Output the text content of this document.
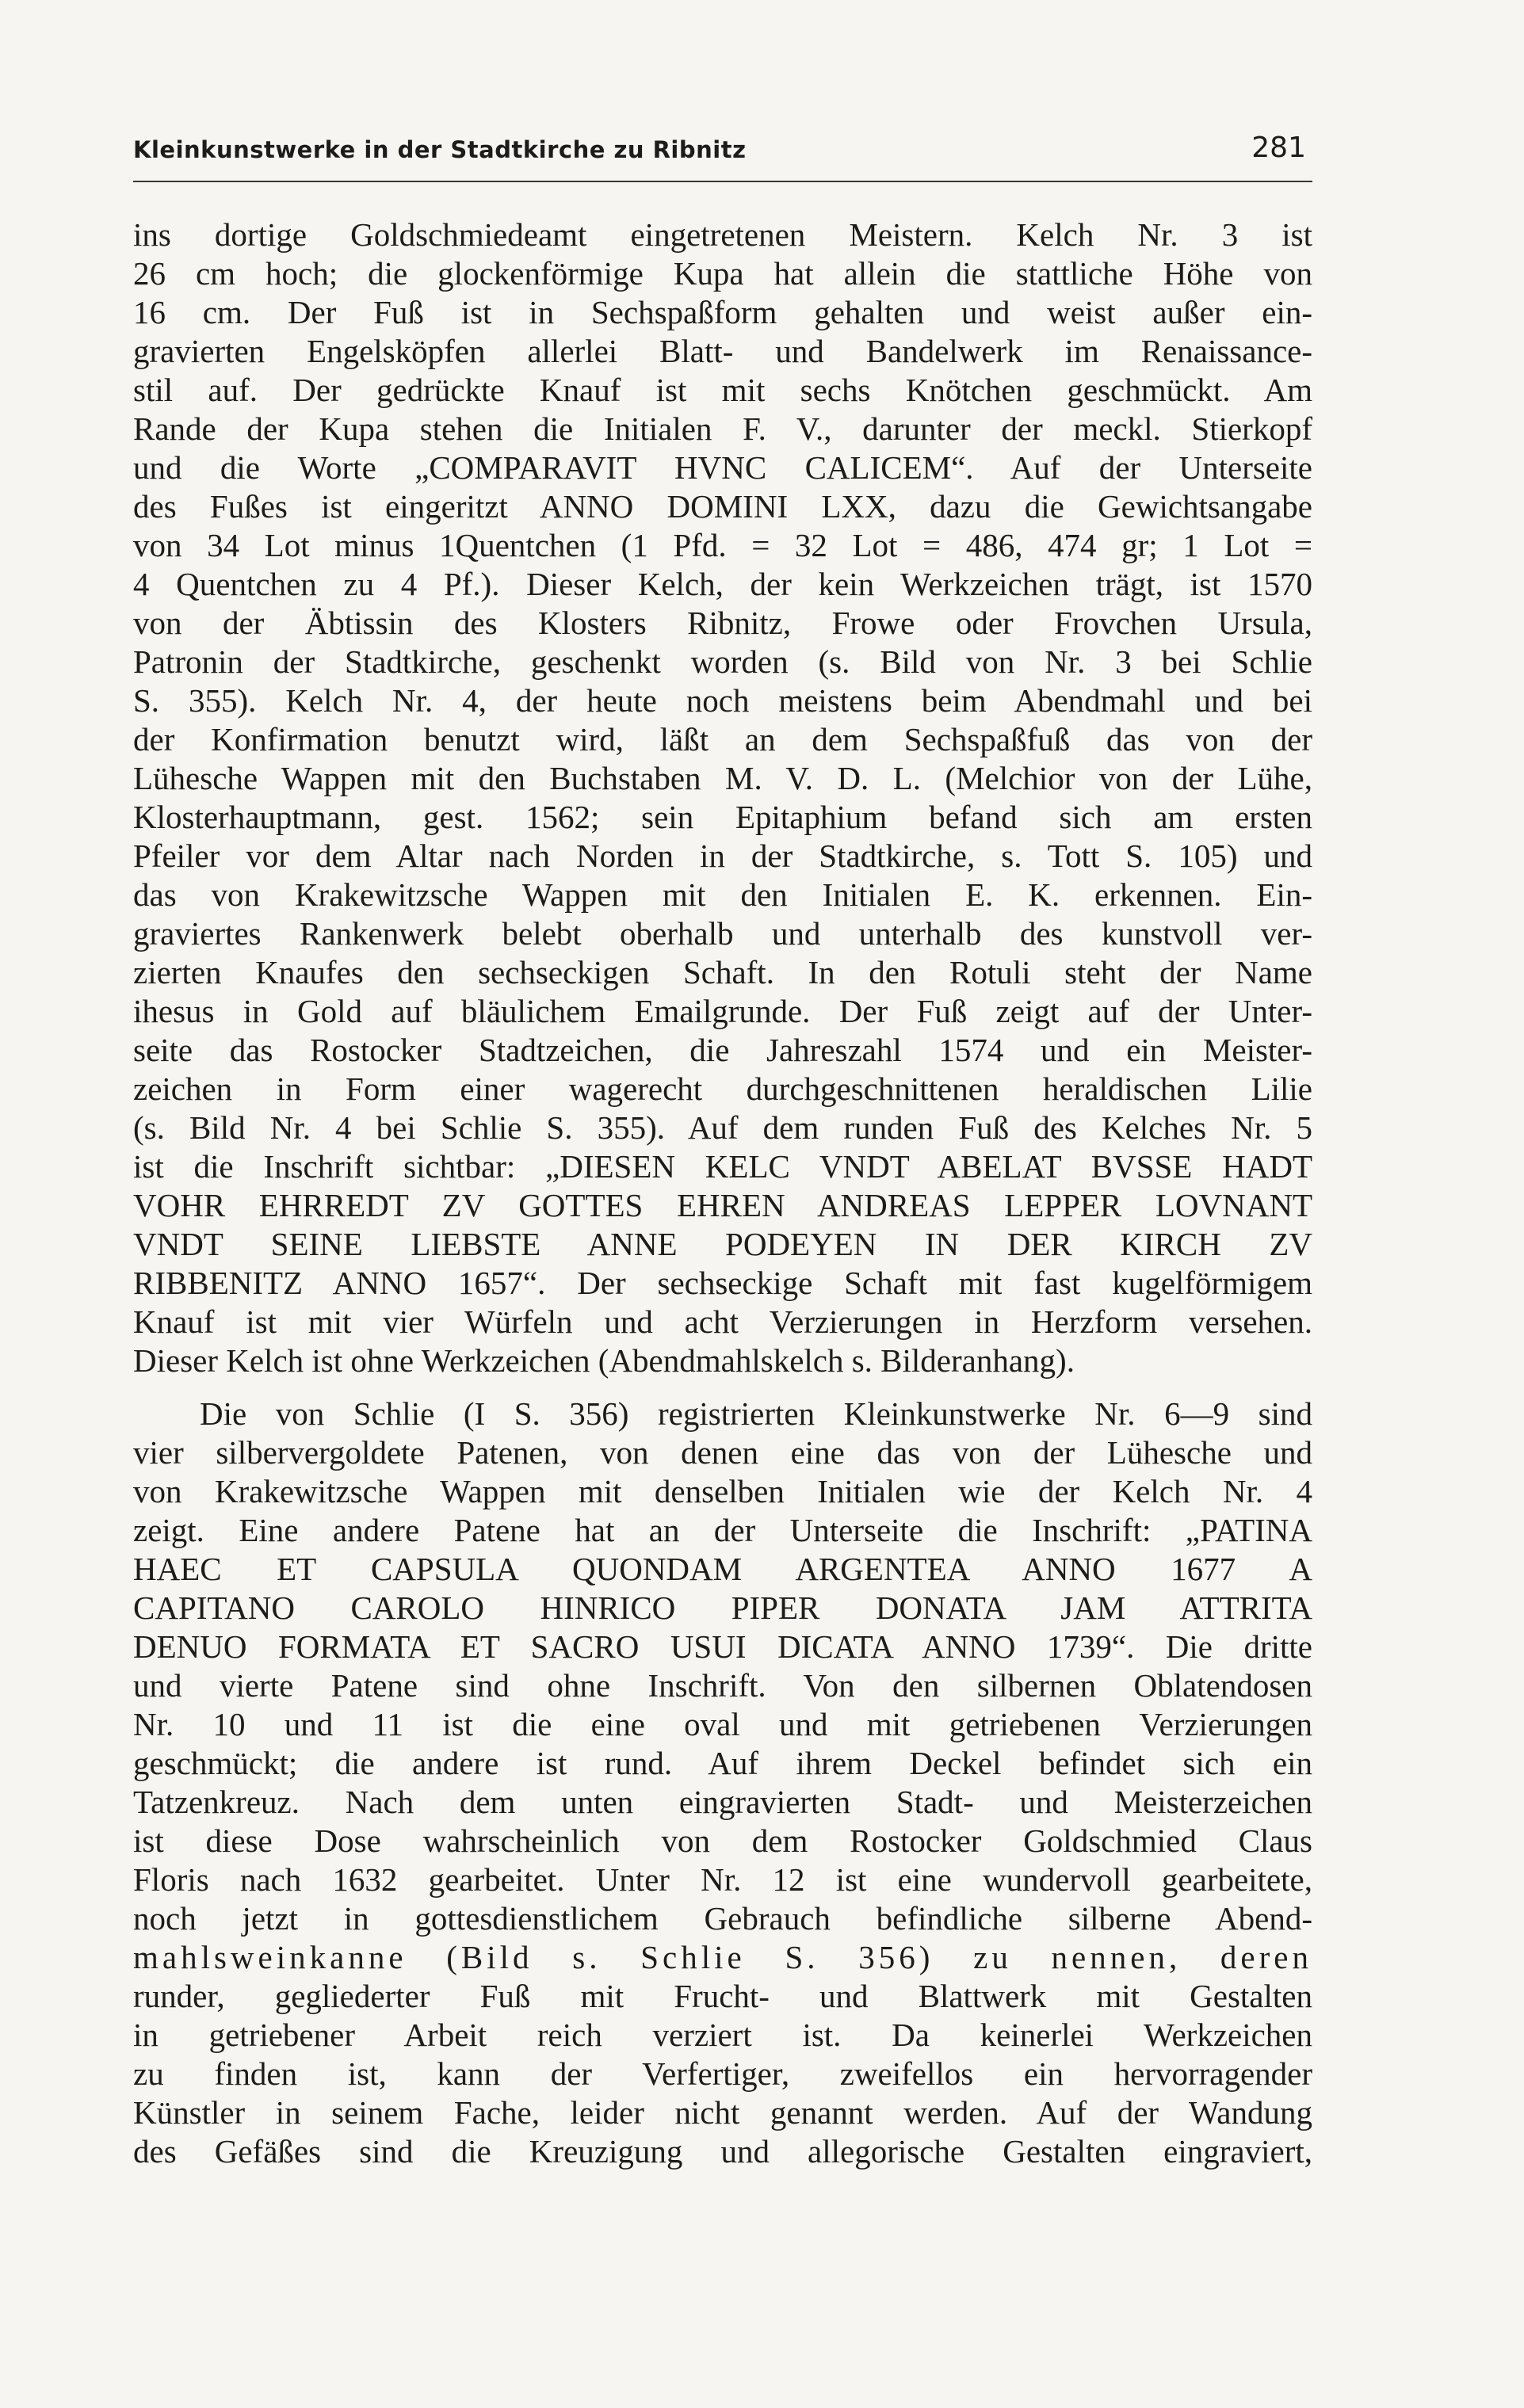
Kleinkunstwerke in der Stadtkirche zu Ribnitz	281
ins dortige Goldschmiedeamt eingetretenen Meistern. Kelch Nr. 3 ist
26 cm hoch; die glockenförmige Kupa hat allein die stattliche Höhe von
16 cm. Der Fuß ist in Sechspaßform gehalten und weist außer ein-
gravierten Engelsköpfen allerlei Blatt- und Bandelwerk im Renaissance-
stil auf. Der gedrückte Knauf ist mit sechs Knötchen geschmückt. Am
Rande der Kupa stehen die Initialen F. V., darunter der meckl. Stierkopf
und die Worte „COMPARAVIT HVNC CALICEM“. Auf der Unterseite
des Fußes ist eingeritzt ANNO DOMINI LXX, dazu die Gewichtsangabe
von 34 Lot minus 1Quentchen (1 Pfd. = 32 Lot = 486, 474 gr; 1 Lot =
4 Quentchen zu 4 Pf.). Dieser Kelch, der kein Werkzeichen trägt, ist 1570
von der Äbtissin des Klosters Ribnitz, Frowe oder Frovchen Ursula,
Patronin der Stadtkirche, geschenkt worden (s. Bild von Nr. 3 bei Schlie
S. 355). Kelch Nr. 4, der heute noch meistens beim Abendmahl und bei
der Konfirmation benutzt wird, läßt an dem Sechspaßfuß das von der
Lühesche Wappen mit den Buchstaben M. V. D. L. (Melchior von der Lühe,
Klosterhauptmann, gest. 1562; sein Epitaphium befand sich am ersten
Pfeiler vor dem Altar nach Norden in der Stadtkirche, s. Tott S. 105) und
das von Krakewitzsche Wappen mit den Initialen E. K. erkennen. Ein-
graviertes Rankenwerk belebt oberhalb und unterhalb des kunstvoll ver-
zierten Knaufes den sechseckigen Schaft. In den Rotuli steht der Name
ihesus in Gold auf bläulichem Emailgrunde. Der Fuß zeigt auf der Unter-
seite das Rostocker Stadtzeichen, die Jahreszahl 1574 und ein Meister-
zeichen in Form einer wagerecht durchgeschnittenen heraldischen Lilie
(s. Bild Nr. 4 bei Schlie S. 355). Auf dem runden Fuß des Kelches Nr. 5
ist die Inschrift sichtbar: „DIESEN KELC VNDT ABELAT BVSSE HADT
VOHR EHRREDT ZV GOTTES EHREN ANDREAS LEPPER LOVNANT
VNDT SEINE LIEBSTE ANNE PODEYEN IN DER KIRCH ZV
RIBBENITZ ANNO 1657“. Der sechseckige Schaft mit fast kugelförmigem
Knauf ist mit vier Würfeln und acht Verzierungen in Herzform versehen.
Dieser Kelch ist ohne Werkzeichen (Abendmahlskelch s. Bilderanhang).
Die von Schlie (I S. 356) registrierten Kleinkunstwerke Nr. 6—9 sind
vier silbervergoldete Patenen, von denen eine das von der Lühesche und
von Krakewitzsche Wappen mit denselben Initialen wie der Kelch Nr. 4
zeigt. Eine andere Patene hat an der Unterseite die Inschrift: „PATINA
HAEC ET CAPSULA QUONDAM ARGENTEA ANNO 1677 A
CAPITANO CAROLO HINRICO PIPER DONATA JAM ATTRITA
DENUO FORMATA ET SACRO USUI DICATA ANNO 1739“. Die dritte
und vierte Patene sind ohne Inschrift. Von den silbernen Oblatendosen
Nr. 10 und 11 ist die eine oval und mit getriebenen Verzierungen
geschmückt; die andere ist rund. Auf ihrem Deckel befindet sich ein
Tatzenkreuz. Nach dem unten eingravierten Stadt- und Meisterzeichen
ist diese Dose wahrscheinlich von dem Rostocker Goldschmied Claus
Floris nach 1632 gearbeitet. Unter Nr. 12 ist eine wundervoll gearbeitete,
noch jetzt in gottesdienstlichem Gebrauch befindliche silberne Abend-
mahlsweinkanne (Bild s. Schlie S. 356) zu nennen, deren
runder, gegliederter Fuß mit Frucht- und Blattwerk mit Gestalten
in getriebener Arbeit reich verziert ist. Da keinerlei Werkzeichen
zu finden ist, kann der Verfertiger, zweifellos ein hervorragender
Künstler in seinem Fache, leider nicht genannt werden. Auf der Wandung
des Gefäßes sind die Kreuzigung und allegorische Gestalten eingraviert,
